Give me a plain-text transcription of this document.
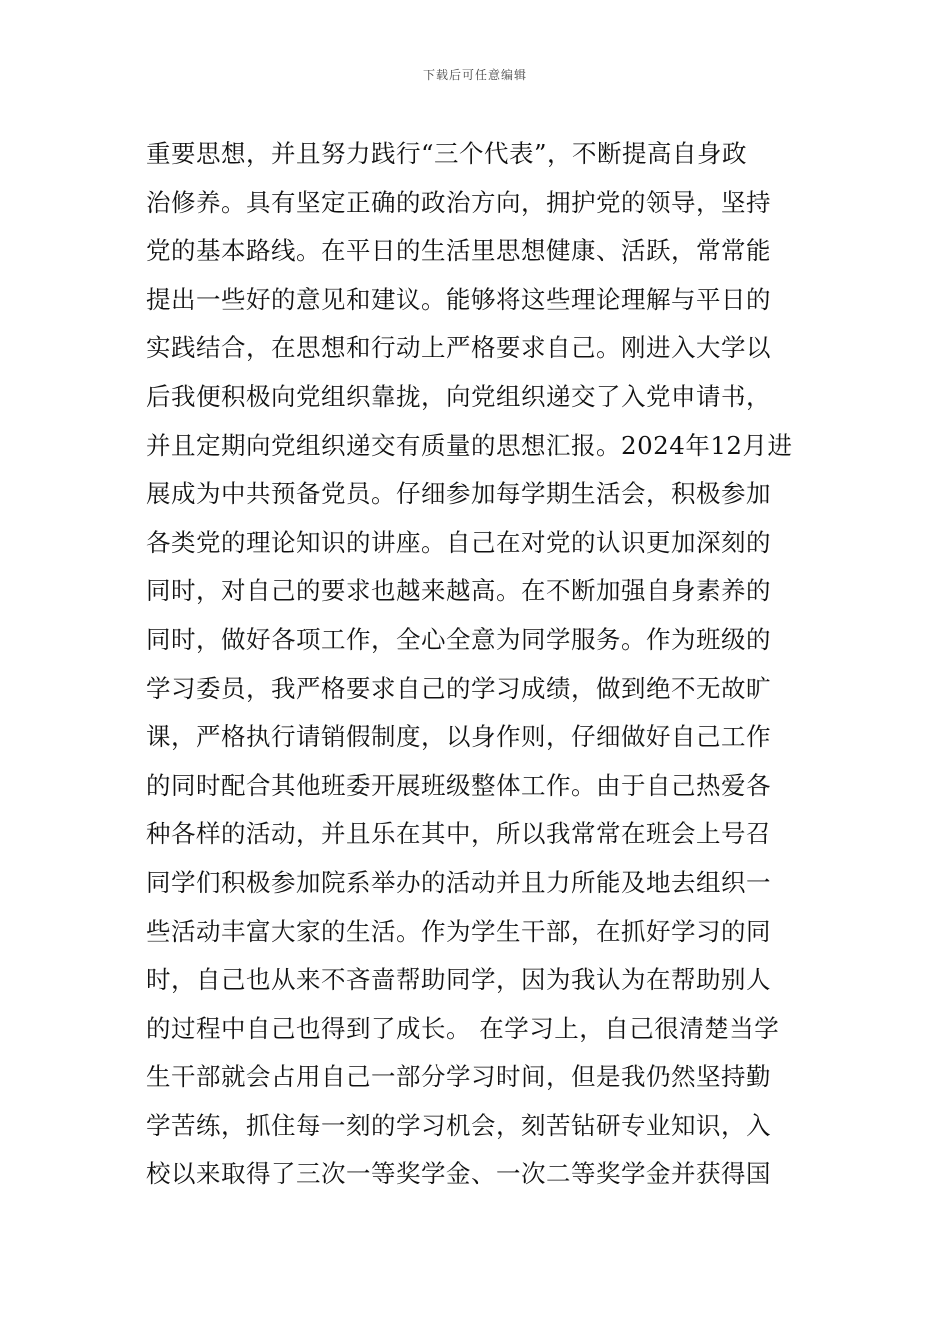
下载后可任意编辑
重要思想，并且努力践行“三个代表”，不断提高自身政
治修养。具有坚定正确的政治方向，拥护党的领导，坚持
党的基本路线。在平日的生活里思想健康、活跃，常常能
提出一些好的意见和建议。能够将这些理论理解与平日的
实践结合，在思想和行动上严格要求自己。刚进入大学以
后我便积极向党组织靠拢，向党组织递交了入党申请书，
并且定期向党组织递交有质量的思想汇报。2024年12月进
展成为中共预备党员。仔细参加每学期生活会，积极参加
各类党的理论知识的讲座。自己在对党的认识更加深刻的
同时，对自己的要求也越来越高。在不断加强自身素养的
同时，做好各项工作，全心全意为同学服务。作为班级的
学习委员，我严格要求自己的学习成绩，做到绝不无故旷
课，严格执行请销假制度，以身作则，仔细做好自己工作
的同时配合其他班委开展班级整体工作。由于自己热爱各
种各样的活动，并且乐在其中，所以我常常在班会上号召
同学们积极参加院系举办的活动并且力所能及地去组织一
些活动丰富大家的生活。作为学生干部，在抓好学习的同
时，自己也从来不吝啬帮助同学，因为我认为在帮助别人
的过程中自己也得到了成长。 在学习上，自己很清楚当学
生干部就会占用自己一部分学习时间，但是我仍然坚持勤
学苦练，抓住每一刻的学习机会，刻苦钻研专业知识，入
校以来取得了三次一等奖学金、一次二等奖学金并获得国
